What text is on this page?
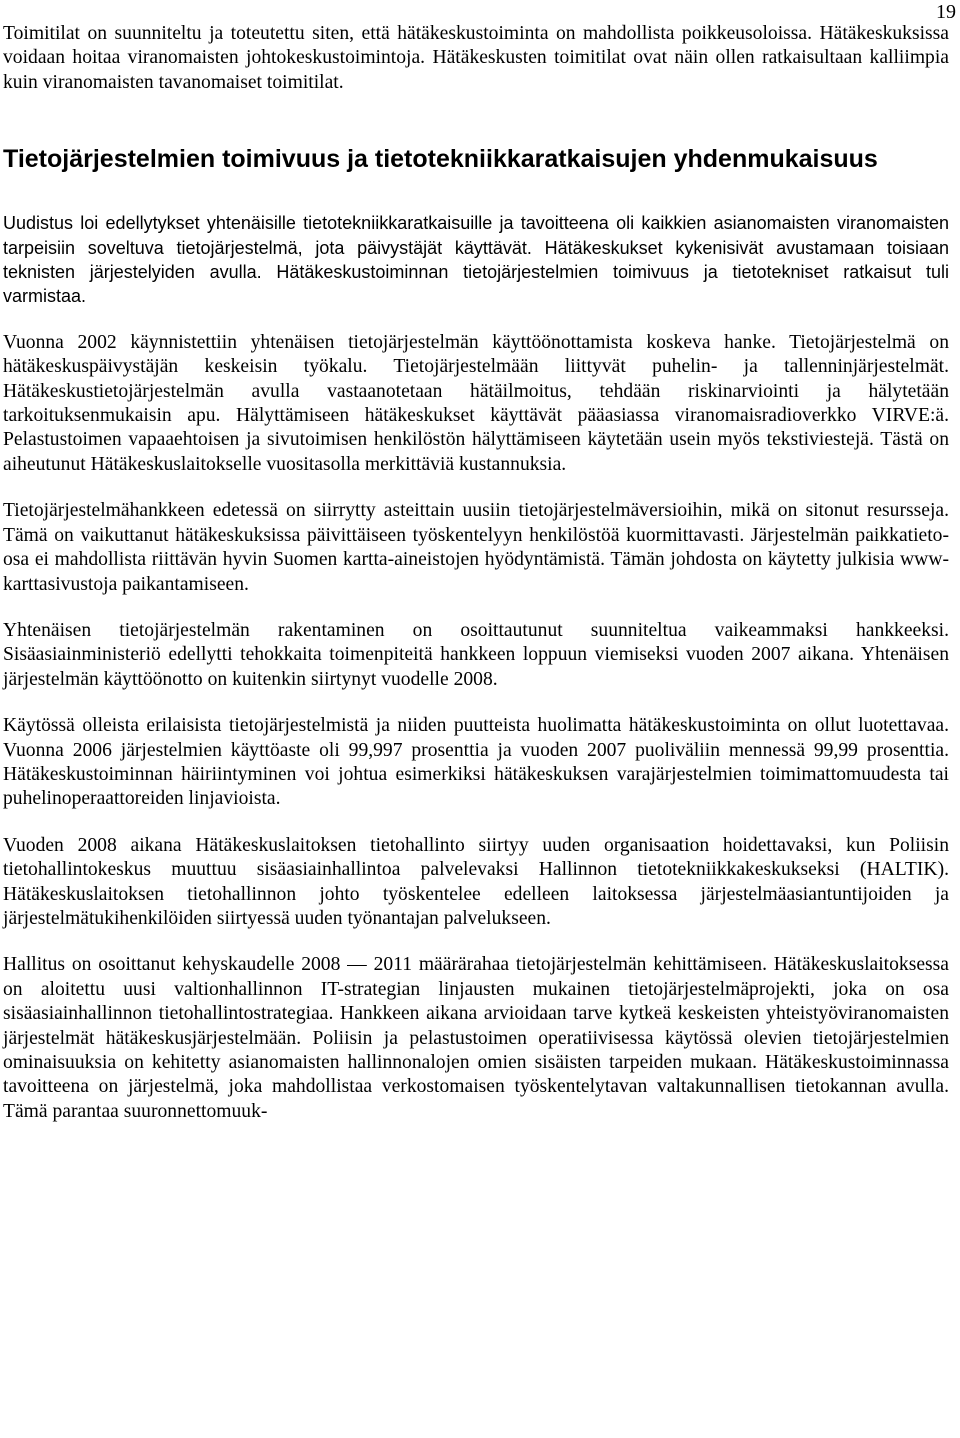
19

Toimitilat on suunniteltu ja toteutettu siten, että hätäkeskustoiminta on mahdollista poikkeusoloissa. Hätäkeskuksissa voidaan hoitaa viranomaisten johtokeskustoimintoja. Hätäkeskusten toimitilat ovat näin ollen ratkaisultaan kalliimpia kuin viranomaisten tavanomaiset toimitilat.

Tietojärjestelmien toimivuus ja tietotekniikkaratkaisujen yhdenmukaisuus

Uudistus loi edellytykset yhtenäisille tietotekniikkaratkaisuille ja tavoitteena oli kaikkien asianomaisten viranomaisten tarpeisiin soveltuva tietojärjestelmä, jota päivystäjät käyttävät. Hätäkeskukset kykenisivät avustamaan toisiaan teknisten järjestelyiden avulla. Hätäkeskustoiminnan tietojärjestelmien toimivuus ja tietotekniset ratkaisut tuli varmistaa.

Vuonna 2002 käynnistettiin yhtenäisen tietojärjestelmän käyttöönottamista koskeva hanke. Tietojärjestelmä on hätäkeskuspäivystäjän keskeisin työkalu. Tietojärjestelmään liittyvät puhelin- ja tallenninjärjestelmät. Hätäkeskustietojärjestelmän avulla vastaanotetaan hätäilmoitus, tehdään riskinarviointi ja hälytetään tarkoituksenmukaisin apu. Hälyttämiseen hätäkeskukset käyttävät pääasiassa viranomaisradioverkko VIRVE:ä. Pelastustoimen vapaaehtoisen ja sivutoimisen henkilöstön hälyttämiseen käytetään usein myös tekstiviestejä. Tästä on aiheutunut Hätäkeskuslaitokselle vuositasolla merkittäviä kustannuksia.

Tietojärjestelmähankkeen edetessä on siirrytty asteittain uusiin tietojärjestelmäversioihin, mikä on sitonut resursseja. Tämä on vaikuttanut hätäkeskuksissa päivittäiseen työskentelyyn henkilöstöä kuormittavasti. Järjestelmän paikkatieto-osa ei mahdollista riittävän hyvin Suomen kartta-aineistojen hyödyntämistä. Tämän johdosta on käytetty julkisia www-karttasivustoja paikantamiseen.

Yhtenäisen tietojärjestelmän rakentaminen on osoittautunut suunniteltua vaikeammaksi hankkeeksi. Sisäasiainministeriö edellytti tehokkaita toimenpiteitä hankkeen loppuun viemiseksi vuoden 2007 aikana. Yhtenäisen järjestelmän käyttöönotto on kuitenkin siirtynyt vuodelle 2008.

Käytössä olleista erilaisista tietojärjestelmistä ja niiden puutteista huolimatta hätäkeskustoiminta on ollut luotettavaa. Vuonna 2006 järjestelmien käyttöaste oli 99,997 prosenttia ja vuoden 2007 puoliväliin mennessä 99,99 prosenttia. Hätäkeskustoiminnan häiriintyminen voi johtua esimerkiksi hätäkeskuksen varajärjestelmien toimimattomuudesta tai puhelinoperaattoreiden linjavioista.

Vuoden 2008 aikana Hätäkeskuslaitoksen tietohallinto siirtyy uuden organisaation hoidettavaksi, kun Poliisin tietohallintokeskus muuttuu sisäasiainhallintoa palvelevaksi Hallinnon tietotekniikkakeskukseksi (HALTIK). Hätäkeskuslaitoksen tietohallinnon johto työskentelee edelleen laitoksessa järjestelmäasiantuntijoiden ja järjestelmätukihenkilöiden siirtyessä uuden työnantajan palvelukseen.

Hallitus on osoittanut kehyskaudelle 2008 — 2011 määrärahaa tietojärjestelmän kehittämiseen. Hätäkeskuslaitoksessa on aloitettu uusi valtionhallinnon IT-strategian linjausten mukainen tietojärjestelmäprojekti, joka on osa sisäasiainhallinnon tietohallintostrategiaa. Hankkeen aikana arvioidaan tarve kytkeä keskeisten yhteistyöviranomaisten järjestelmät hätäkeskusjärjestelmään. Poliisin ja pelastustoimen operatiivisessa käytössä olevien tietojärjestelmien ominaisuuksia on kehitetty asianomaisten hallinnonalojen omien sisäisten tarpeiden mukaan. Hätäkeskustoiminnassa tavoitteena on järjestelmä, joka mahdollistaa verkostomaisen työskentelytavan valtakunnallisen tietokannan avulla. Tämä parantaa suuronnettomuuk-
